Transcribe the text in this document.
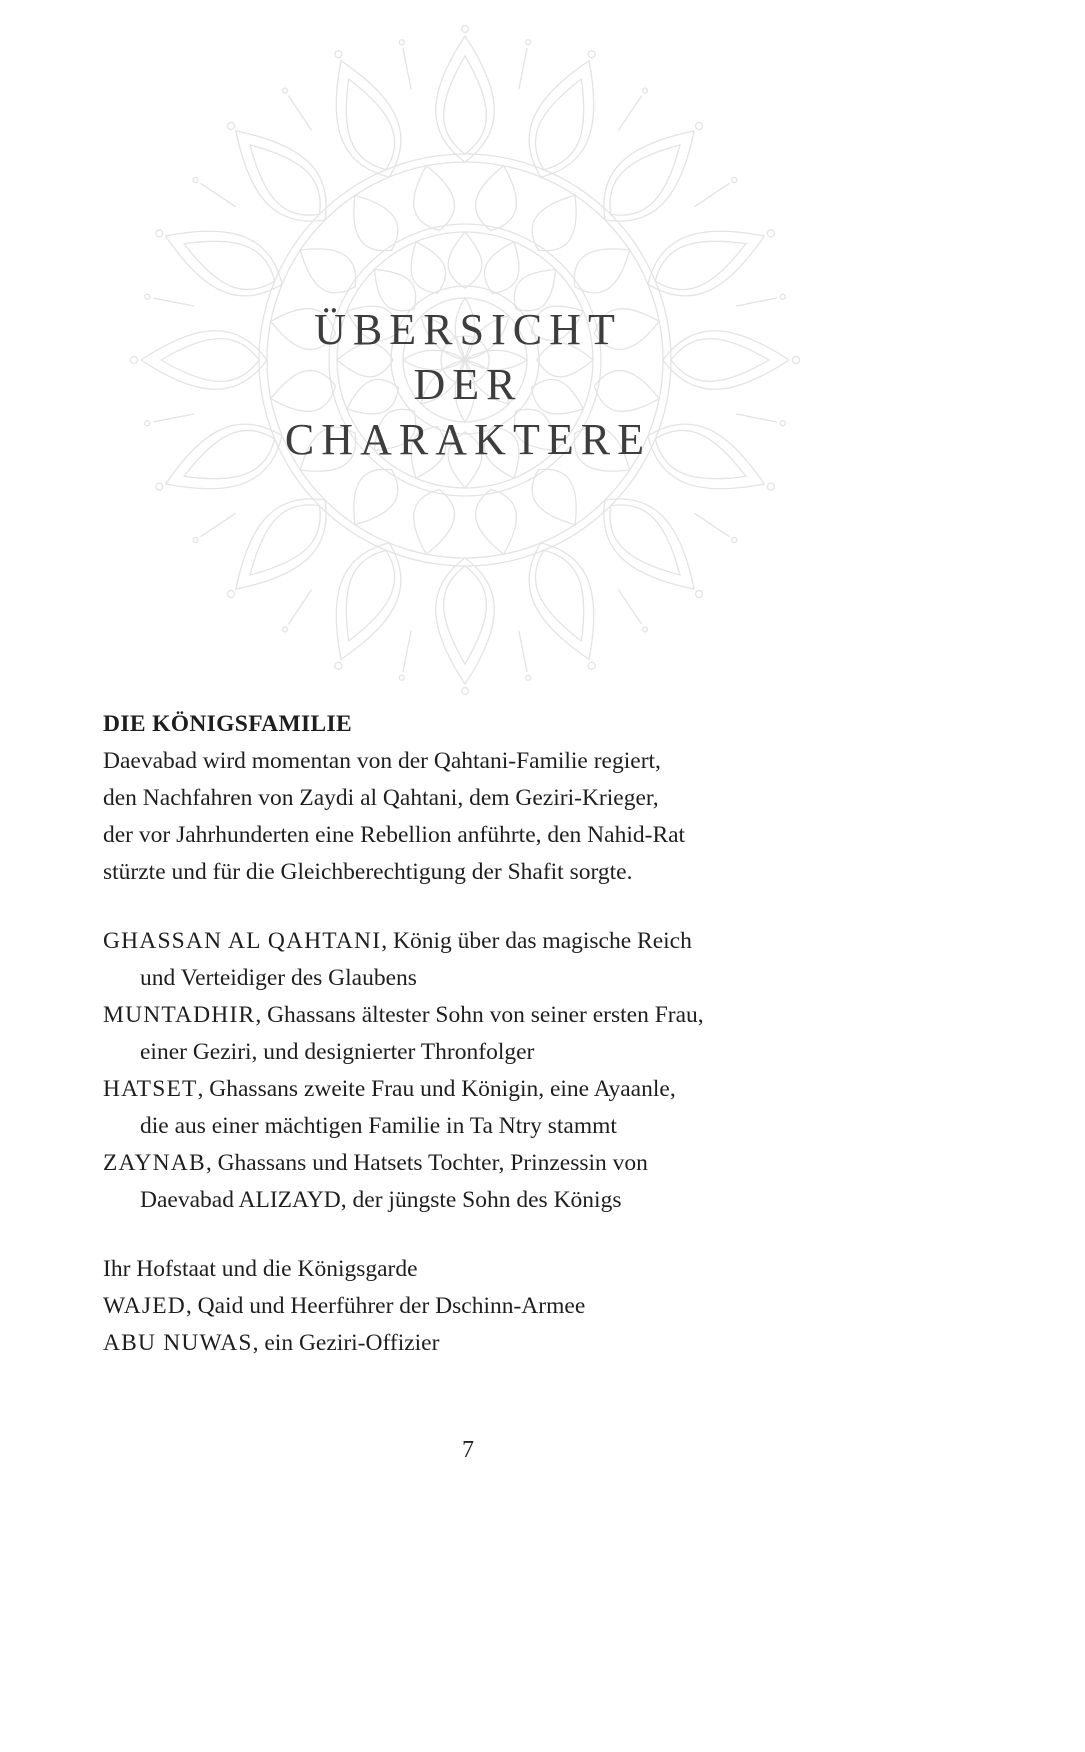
ÜBERSICHT
DER
CHARAKTERE
DIE KÖNIGSFAMILIE
Daevabad wird momentan von der Qahtani-Familie regiert,
den Nachfahren von Zaydi al Qahtani, dem Geziri-Krieger,
der vor Jahrhunderten eine Rebellion anführte, den Nahid-Rat
stürzte und für die Gleichberechtigung der Shafit sorgte.
GHASSAN AL QAHTANI, König über das magische Reich
und Verteidiger des Glaubens
MUNTADHIR, Ghassans ältester Sohn von seiner ersten Frau,
einer Geziri, und designierter Thronfolger
HATSET, Ghassans zweite Frau und Königin, eine Ayaanle,
die aus einer mächtigen Familie in Ta Ntry stammt
ZAYNAB, Ghassans und Hatsets Tochter, Prinzessin von
Daevabad ALIZAYD, der jüngste Sohn des Königs
Ihr Hofstaat und die Königsgarde
WAJED, Qaid und Heerführer der Dschinn-Armee
ABU NUWAS, ein Geziri-Offizier
7
